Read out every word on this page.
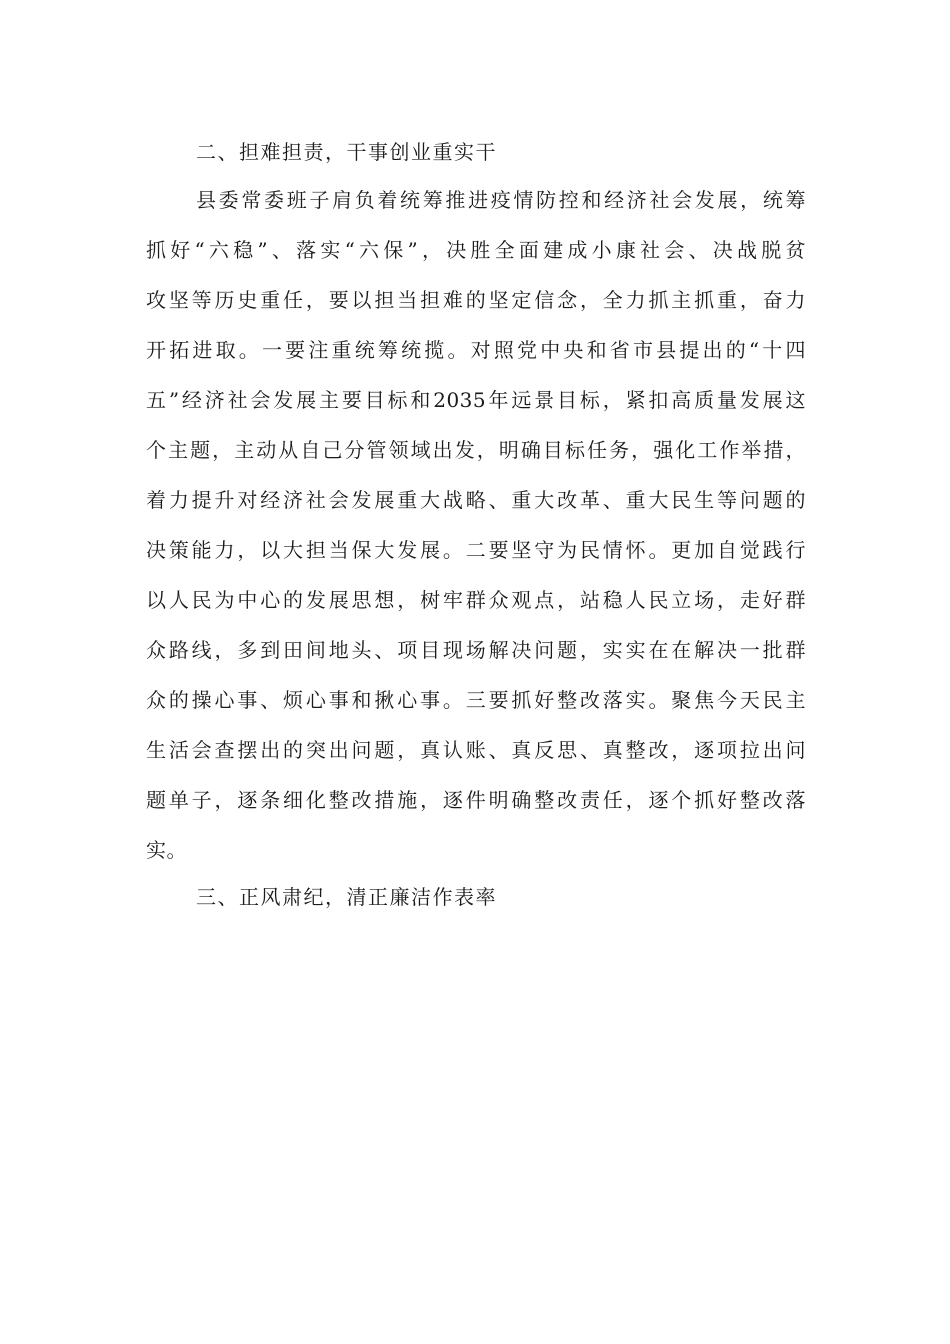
二、担难担责，干事创业重实干
县委常委班子肩负着统筹推进疫情防控和经济社会发展，统筹
抓好“六稳”、落实“六保”，决胜全面建成小康社会、决战脱贫
攻坚等历史重任，要以担当担难的坚定信念，全力抓主抓重，奋力
开拓进取。一要注重统筹统揽。对照党中央和省市县提出的“十四
五”经济社会发展主要目标和2035年远景目标，紧扣高质量发展这
个主题，主动从自己分管领域出发，明确目标任务，强化工作举措，
着力提升对经济社会发展重大战略、重大改革、重大民生等问题的
决策能力，以大担当保大发展。二要坚守为民情怀。更加自觉践行
以人民为中心的发展思想，树牢群众观点，站稳人民立场，走好群
众路线，多到田间地头、项目现场解决问题，实实在在解决一批群
众的操心事、烦心事和揪心事。三要抓好整改落实。聚焦今天民主
生活会查摆出的突出问题，真认账、真反思、真整改，逐项拉出问
题单子，逐条细化整改措施，逐件明确整改责任，逐个抓好整改落
实。
三、正风肃纪，清正廉洁作表率
